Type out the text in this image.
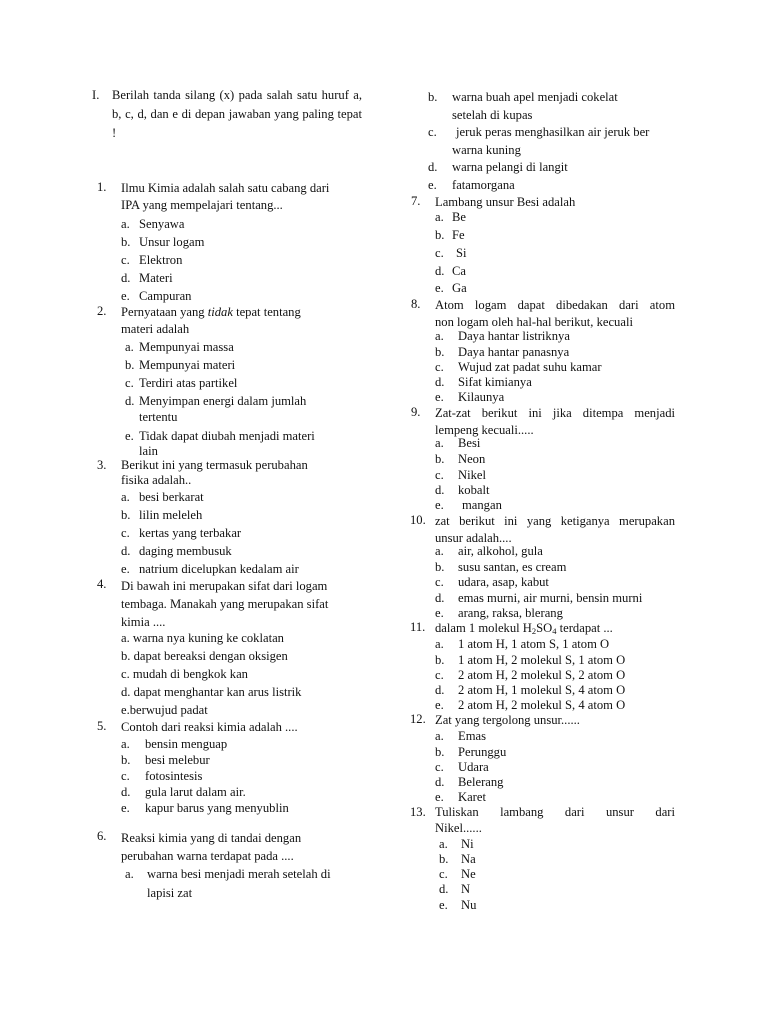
I. Berilah tanda silang (x) pada salah satu huruf a, b, c, d, dan e di depan jawaban yang paling tepat !
1. Ilmu Kimia adalah salah satu cabang dari
IPA yang mempelajari tentang...
a. Senyawa
b. Unsur logam
c. Elektron
d. Materi
e. Campuran
2. Pernyataan yang tidak tepat tentang
materi adalah
a. Mempunyai massa
b. Mempunyai materi
c. Terdiri atas partikel
d. Menyimpan energi dalam jumlah
tertentu
e. Tidak dapat diubah menjadi materi
lain
3. Berikut ini yang termasuk perubahan
fisika adalah..
a. besi berkarat
b. lilin meleleh
c. kertas yang terbakar
d. daging membusuk
e. natrium dicelupkan kedalam air
4. Di bawah ini merupakan sifat dari logam
tembaga. Manakah yang merupakan sifat
kimia ....
a. warna nya kuning ke coklatan
b. dapat bereaksi dengan oksigen
c. mudah di bengkok kan
d. dapat menghantar kan arus listrik
e.berwujud padat
5. Contoh dari reaksi kimia adalah ....
a. bensin menguap
b. besi melebur
c. fotosintesis
d. gula larut dalam air.
e. kapur barus yang menyublin
6. Reaksi kimia yang di tandai dengan
perubahan warna terdapat pada ....
a. warna besi menjadi merah setelah di
lapisi zat
b. warna buah apel menjadi cokelat
setelah di kupas
c. jeruk peras menghasilkan air jeruk ber
warna kuning
d. warna pelangi di langit
e. fatamorgana
7. Lambang unsur Besi adalah
a. Be
b. Fe
c. Si
d. Ca
e. Ga
8. Atom logam dapat dibedakan dari atom
non logam oleh hal-hal berikut, kecuali
a. Daya hantar listriknya
b. Daya hantar panasnya
c. Wujud zat padat suhu kamar
d. Sifat kimianya
e. Kilaunya
9. Zat-zat berikut ini jika ditempa menjadi
lempeng kecuali.....
a. Besi
b. Neon
c. Nikel
d. kobalt
e. mangan
10. zat berikut ini yang ketiganya merupakan
unsur adalah....
a. air, alkohol, gula
b. susu santan, es cream
c. udara, asap, kabut
d. emas murni, air murni, bensin murni
e. arang, raksa, blerang
11. dalam 1 molekul $H_2SO_4$ terdapat ...
a. 1 atom H, 1 atom S, 1 atom O
b. 1 atom H, 2 molekul S, 1 atom O
c. 2 atom H, 2 molekul S, 2 atom O
d. 2 atom H, 1 molekul S, 4 atom O
e. 2 atom H, 2 molekul S, 4 atom O
12. Zat yang tergolong unsur......
a. Emas
b. Perunggu
c. Udara
d. Belerang
e. Karet
13. Tuliskan lambang dari unsur dari
Nikel......
a. Ni
b. Na
c. Ne
d. N
e. Nu
